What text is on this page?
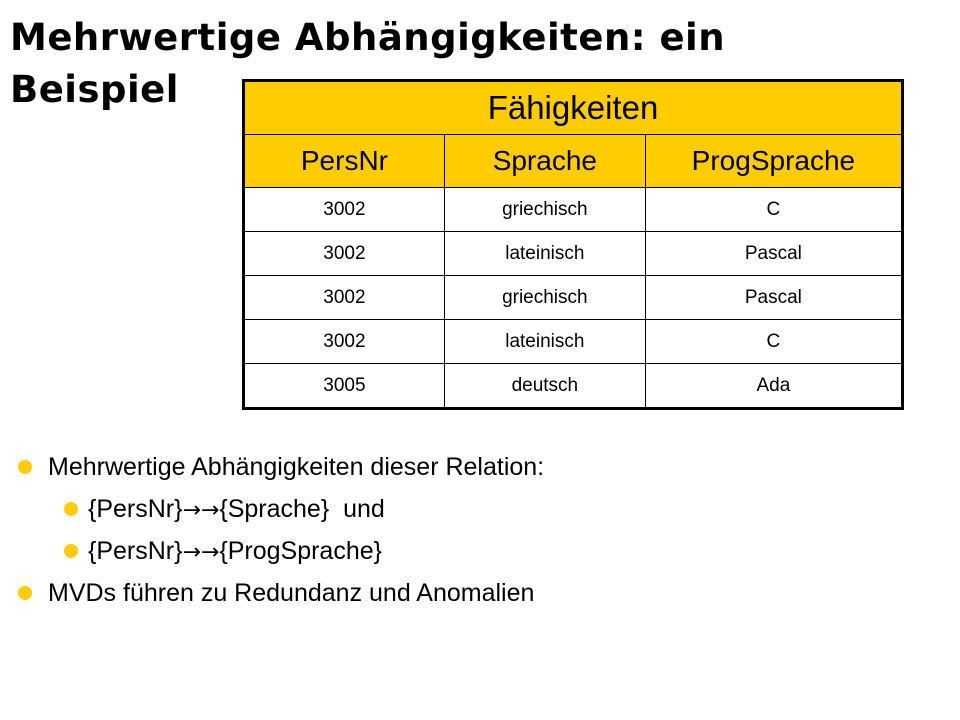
Mehrwertige Abhängigkeiten: ein Beispiel	Fähigkeiten		
PersNr	Sprache	ProgSprache
3002	griechisch	C
3002	lateinisch	Pascal
3002	griechisch	Pascal
3002	lateinisch	C
3005	deutsch	Ada
Mehrwertige Abhängigkeiten dieser Relation:
{PersNr}→→{Sprache}  und
{PersNr}→→{ProgSprache}
MVDs führen zu Redundanz und Anomalien
